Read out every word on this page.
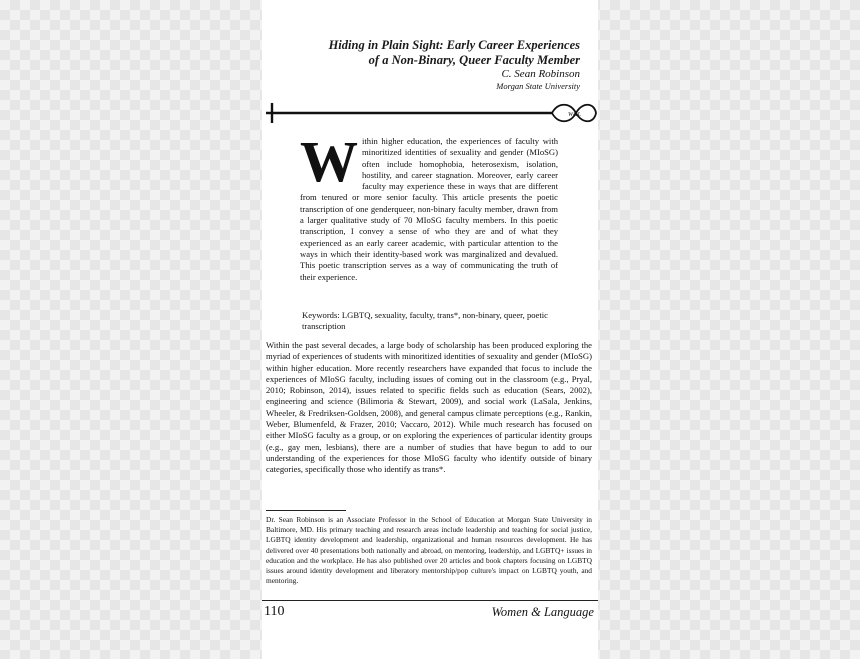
Hiding in Plain Sight: Early Career Experiences
of a Non-Binary, Queer Faculty Member
C. Sean Robinson
Morgan State University
W&L
W ithin higher education, the experiences of faculty with minoritized identities of sexuality and gender (MIoSG) often include homophobia, heterosexism, isolation, hostility, and career stagnation. Moreover, early career faculty may experience these in ways that are different from tenured or more senior faculty. This article presents the poetic transcription of one genderqueer, non-binary faculty member, drawn from a larger qualitative study of 70 MIoSG faculty members. In this poetic transcription, I convey a sense of who they are and of what they experienced as an early career academic, with particular attention to the ways in which their identity-based work was marginalized and devalued. This poetic transcription serves as a way of communicating the truth of their experience.
Keywords: LGBTQ, sexuality, faculty, trans*, non-binary, queer, poetic transcription
Within the past several decades, a large body of scholarship has been produced exploring the myriad of experiences of students with minoritized identities of sexuality and gender (MIoSG) within higher education. More recently researchers have expanded that focus to include the experiences of MIoSG faculty, including issues of coming out in the classroom (e.g., Pryal, 2010; Robinson, 2014), issues related to specific fields such as education (Sears, 2002), engineering and science (Bilimoria & Stewart, 2009), and social work (LaSala, Jenkins, Wheeler, & Fredriksen-Goldsen, 2008), and general campus climate perceptions (e.g., Rankin, Weber, Blumenfeld, & Frazer, 2010; Vaccaro, 2012). While much research has focused on either MIoSG faculty as a group, or on exploring the experiences of particular identity groups (e.g., gay men, lesbians), there are a number of studies that have begun to add to our understanding of the experiences for those MIoSG faculty who identify outside of binary categories, specifically those who identify as trans*.
Dr. Sean Robinson is an Associate Professor in the School of Education at Morgan State University in Baltimore, MD. His primary teaching and research areas include leadership and teaching for social justice, LGBTQ identity development and leadership, organizational and human resources development. He has delivered over 40 presentations both nationally and abroad, on mentoring, leadership, and LGBTQ+ issues in education and the workplace. He has also published over 20 articles and book chapters focusing on LGBTQ issues around identity development and liberatory mentorship/pop culture's impact on LGBTQ youth, and mentoring.
110	Women & Language
